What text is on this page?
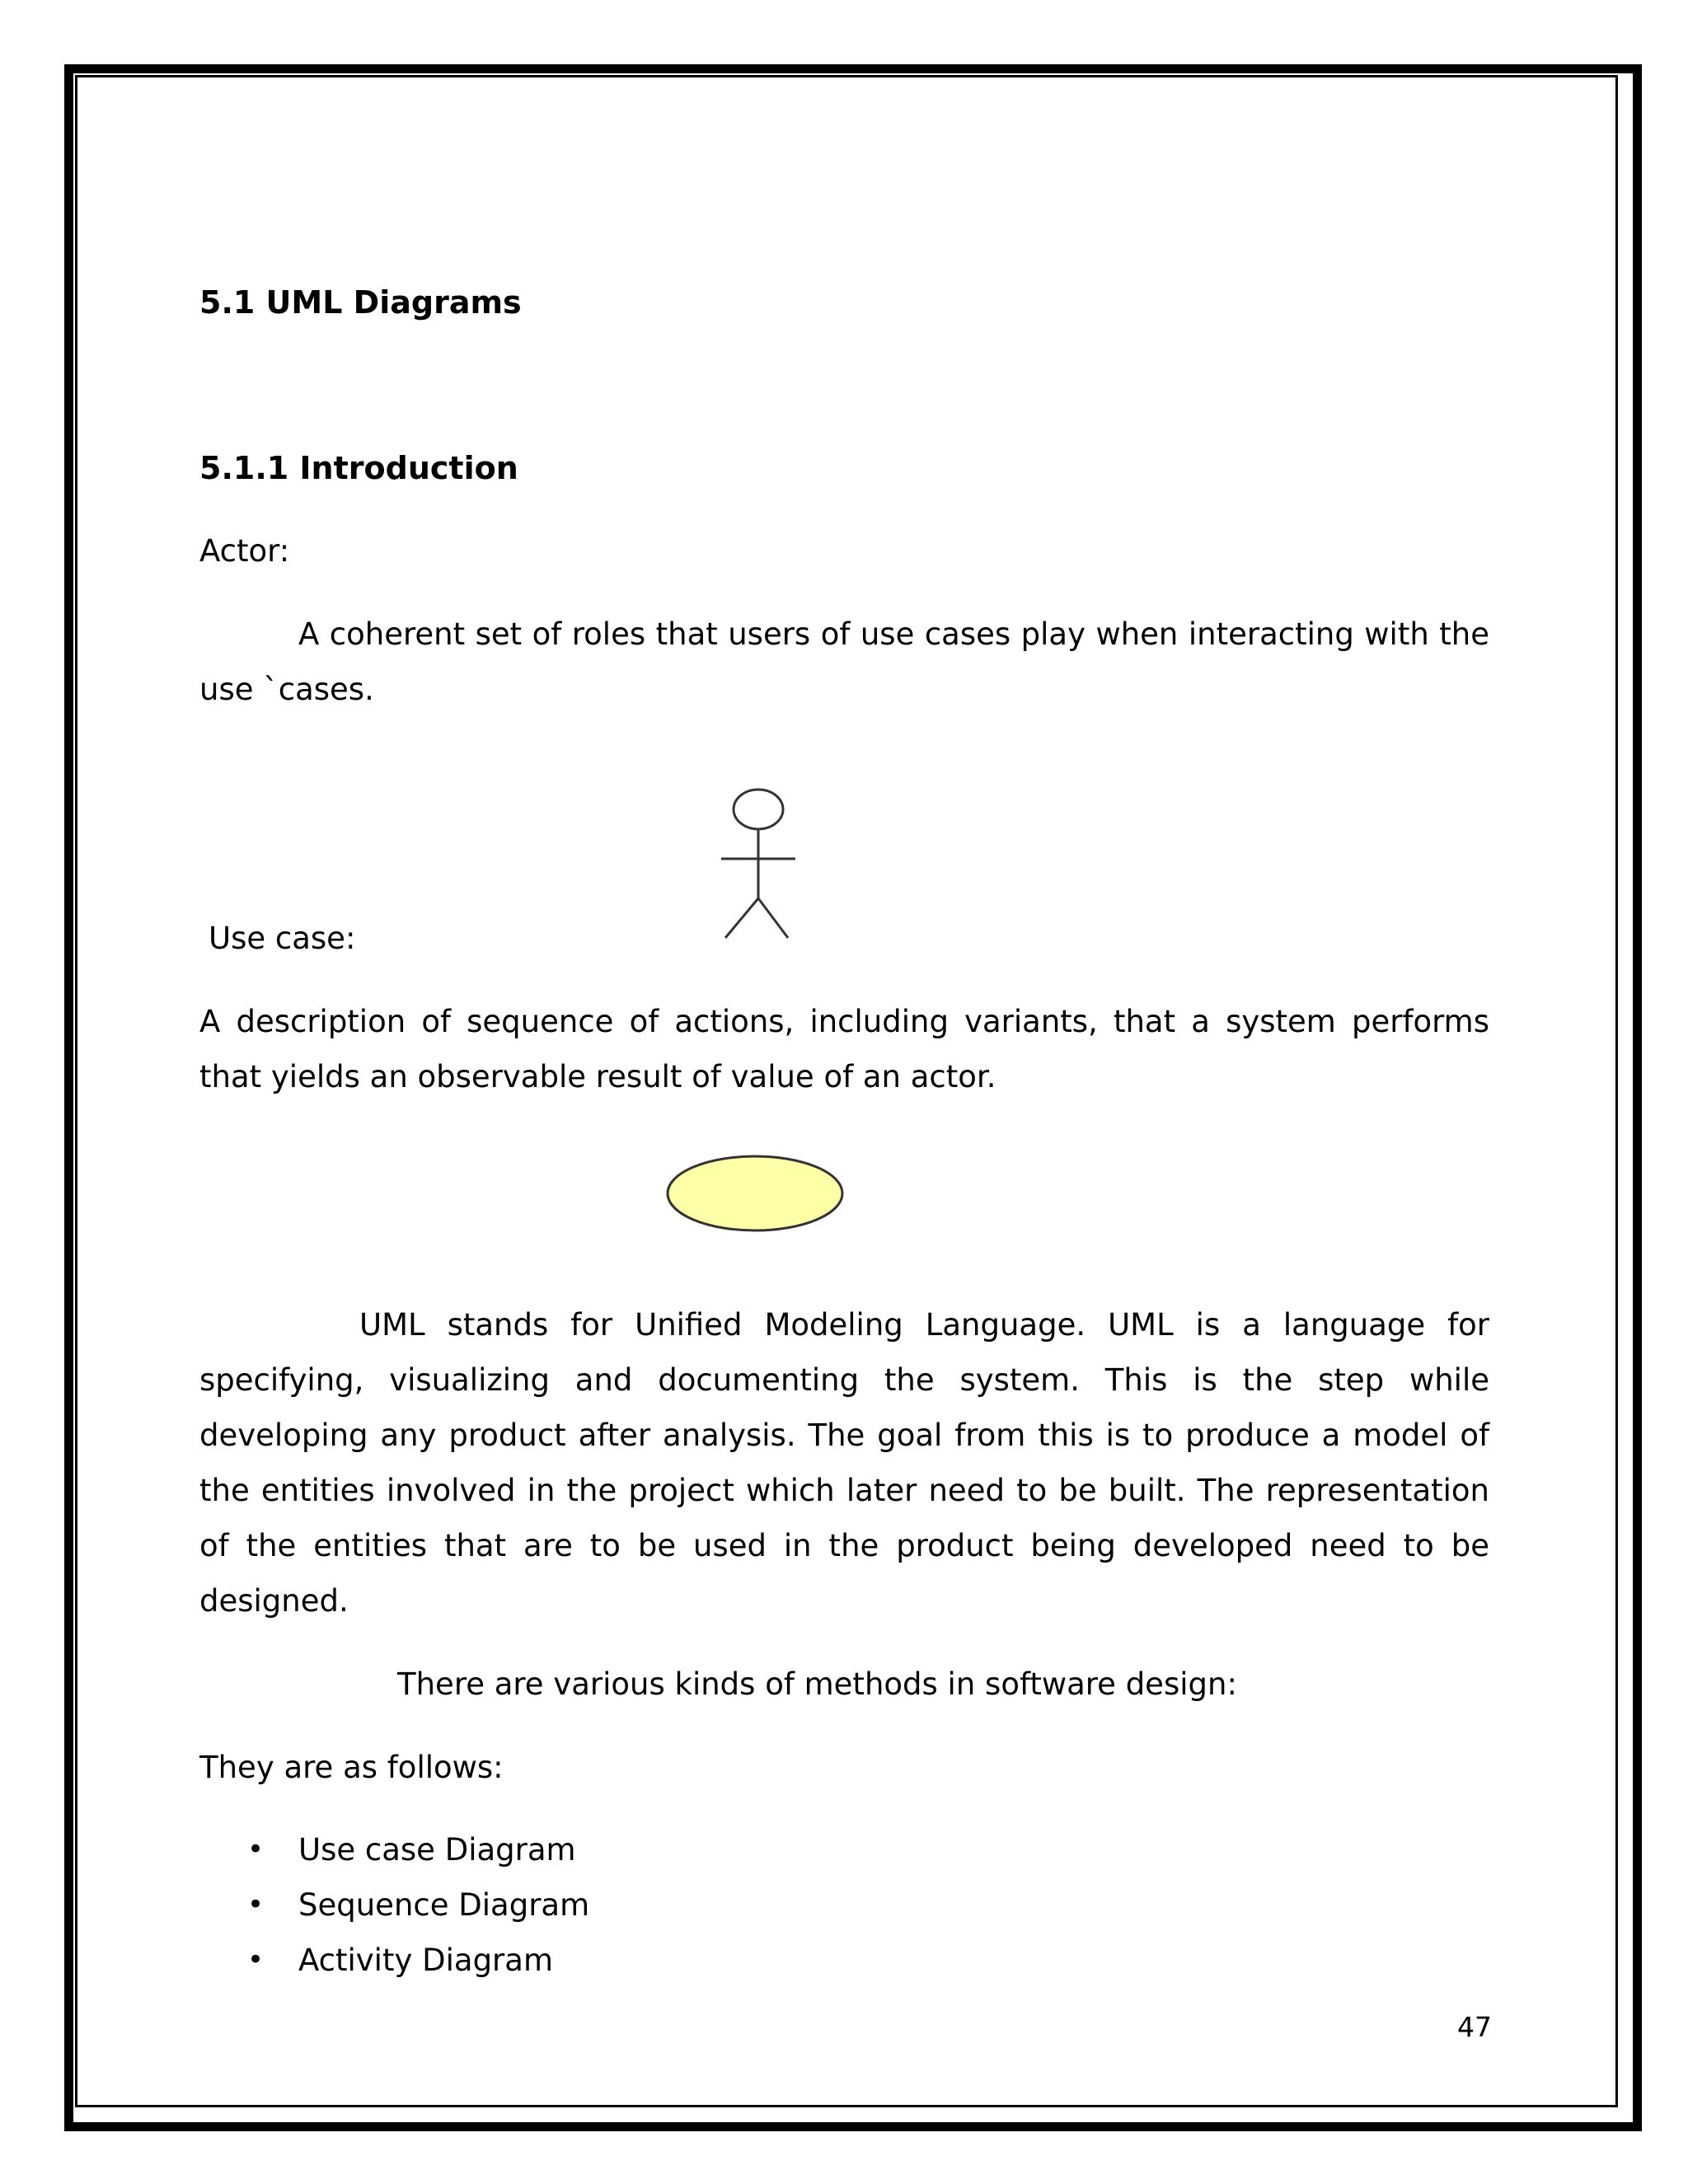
5.1 UML Diagrams
5.1.1 Introduction
Actor:
A coherent set of roles that users of use cases play when interacting with the
use `cases.
Use case:
A description of sequence of actions, including variants, that a system performs
that yields an observable result of value of an actor.
UML stands for Unified Modeling Language. UML is a language for
specifying, visualizing and documenting the system. This is the step while
developing any product after analysis. The goal from this is to produce a model of
the entities involved in the project which later need to be built. The representation
of the entities that are to be used in the product being developed need to be
designed.
There are various kinds of methods in software design:
They are as follows:
• Use case Diagram
• Sequence Diagram
• Activity Diagram
47
